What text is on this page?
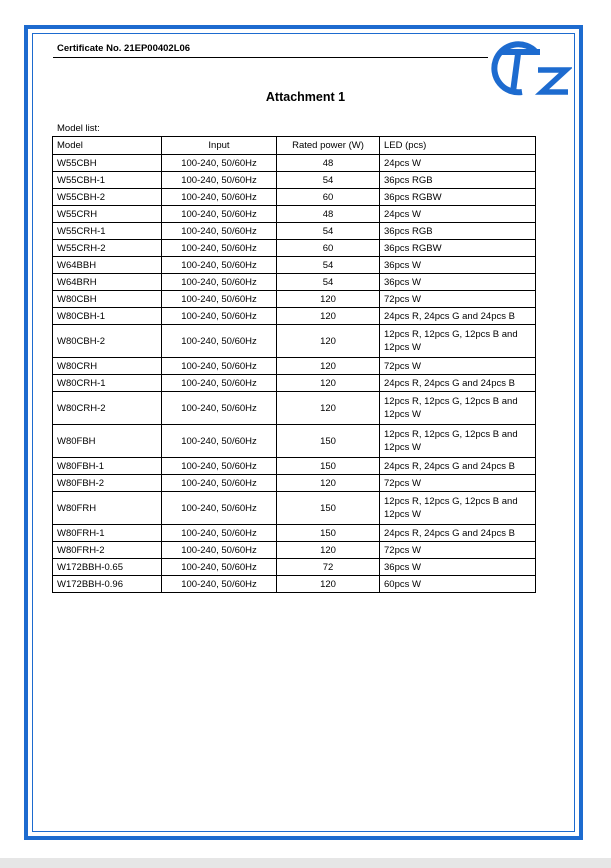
Certificate No. 21EP00402L06
Attachment 1
Model list:
Model	Input	Rated power (W)	LED (pcs)
W55CBH	100-240, 50/60Hz	48	24pcs W
W55CBH-1	100-240, 50/60Hz	54	36pcs RGB
W55CBH-2	100-240, 50/60Hz	60	36pcs RGBW
W55CRH	100-240, 50/60Hz	48	24pcs W
W55CRH-1	100-240, 50/60Hz	54	36pcs RGB
W55CRH-2	100-240, 50/60Hz	60	36pcs RGBW
W64BBH	100-240, 50/60Hz	54	36pcs W
W64BRH	100-240, 50/60Hz	54	36pcs W
W80CBH	100-240, 50/60Hz	120	72pcs W
W80CBH-1	100-240, 50/60Hz	120	24pcs R, 24pcs G and 24pcs B
W80CBH-2	100-240, 50/60Hz	120	12pcs R, 12pcs G, 12pcs B and 12pcs W
W80CRH	100-240, 50/60Hz	120	72pcs W
W80CRH-1	100-240, 50/60Hz	120	24pcs R, 24pcs G and 24pcs B
W80CRH-2	100-240, 50/60Hz	120	12pcs R, 12pcs G, 12pcs B and 12pcs W
W80FBH	100-240, 50/60Hz	150	12pcs R, 12pcs G, 12pcs B and 12pcs W
W80FBH-1	100-240, 50/60Hz	150	24pcs R, 24pcs G and 24pcs B
W80FBH-2	100-240, 50/60Hz	120	72pcs W
W80FRH	100-240, 50/60Hz	150	12pcs R, 12pcs G, 12pcs B and 12pcs W
W80FRH-1	100-240, 50/60Hz	150	24pcs R, 24pcs G and 24pcs B
W80FRH-2	100-240, 50/60Hz	120	72pcs W
W172BBH-0.65	100-240, 50/60Hz	72	36pcs W
W172BBH-0.96	100-240, 50/60Hz	120	60pcs W
